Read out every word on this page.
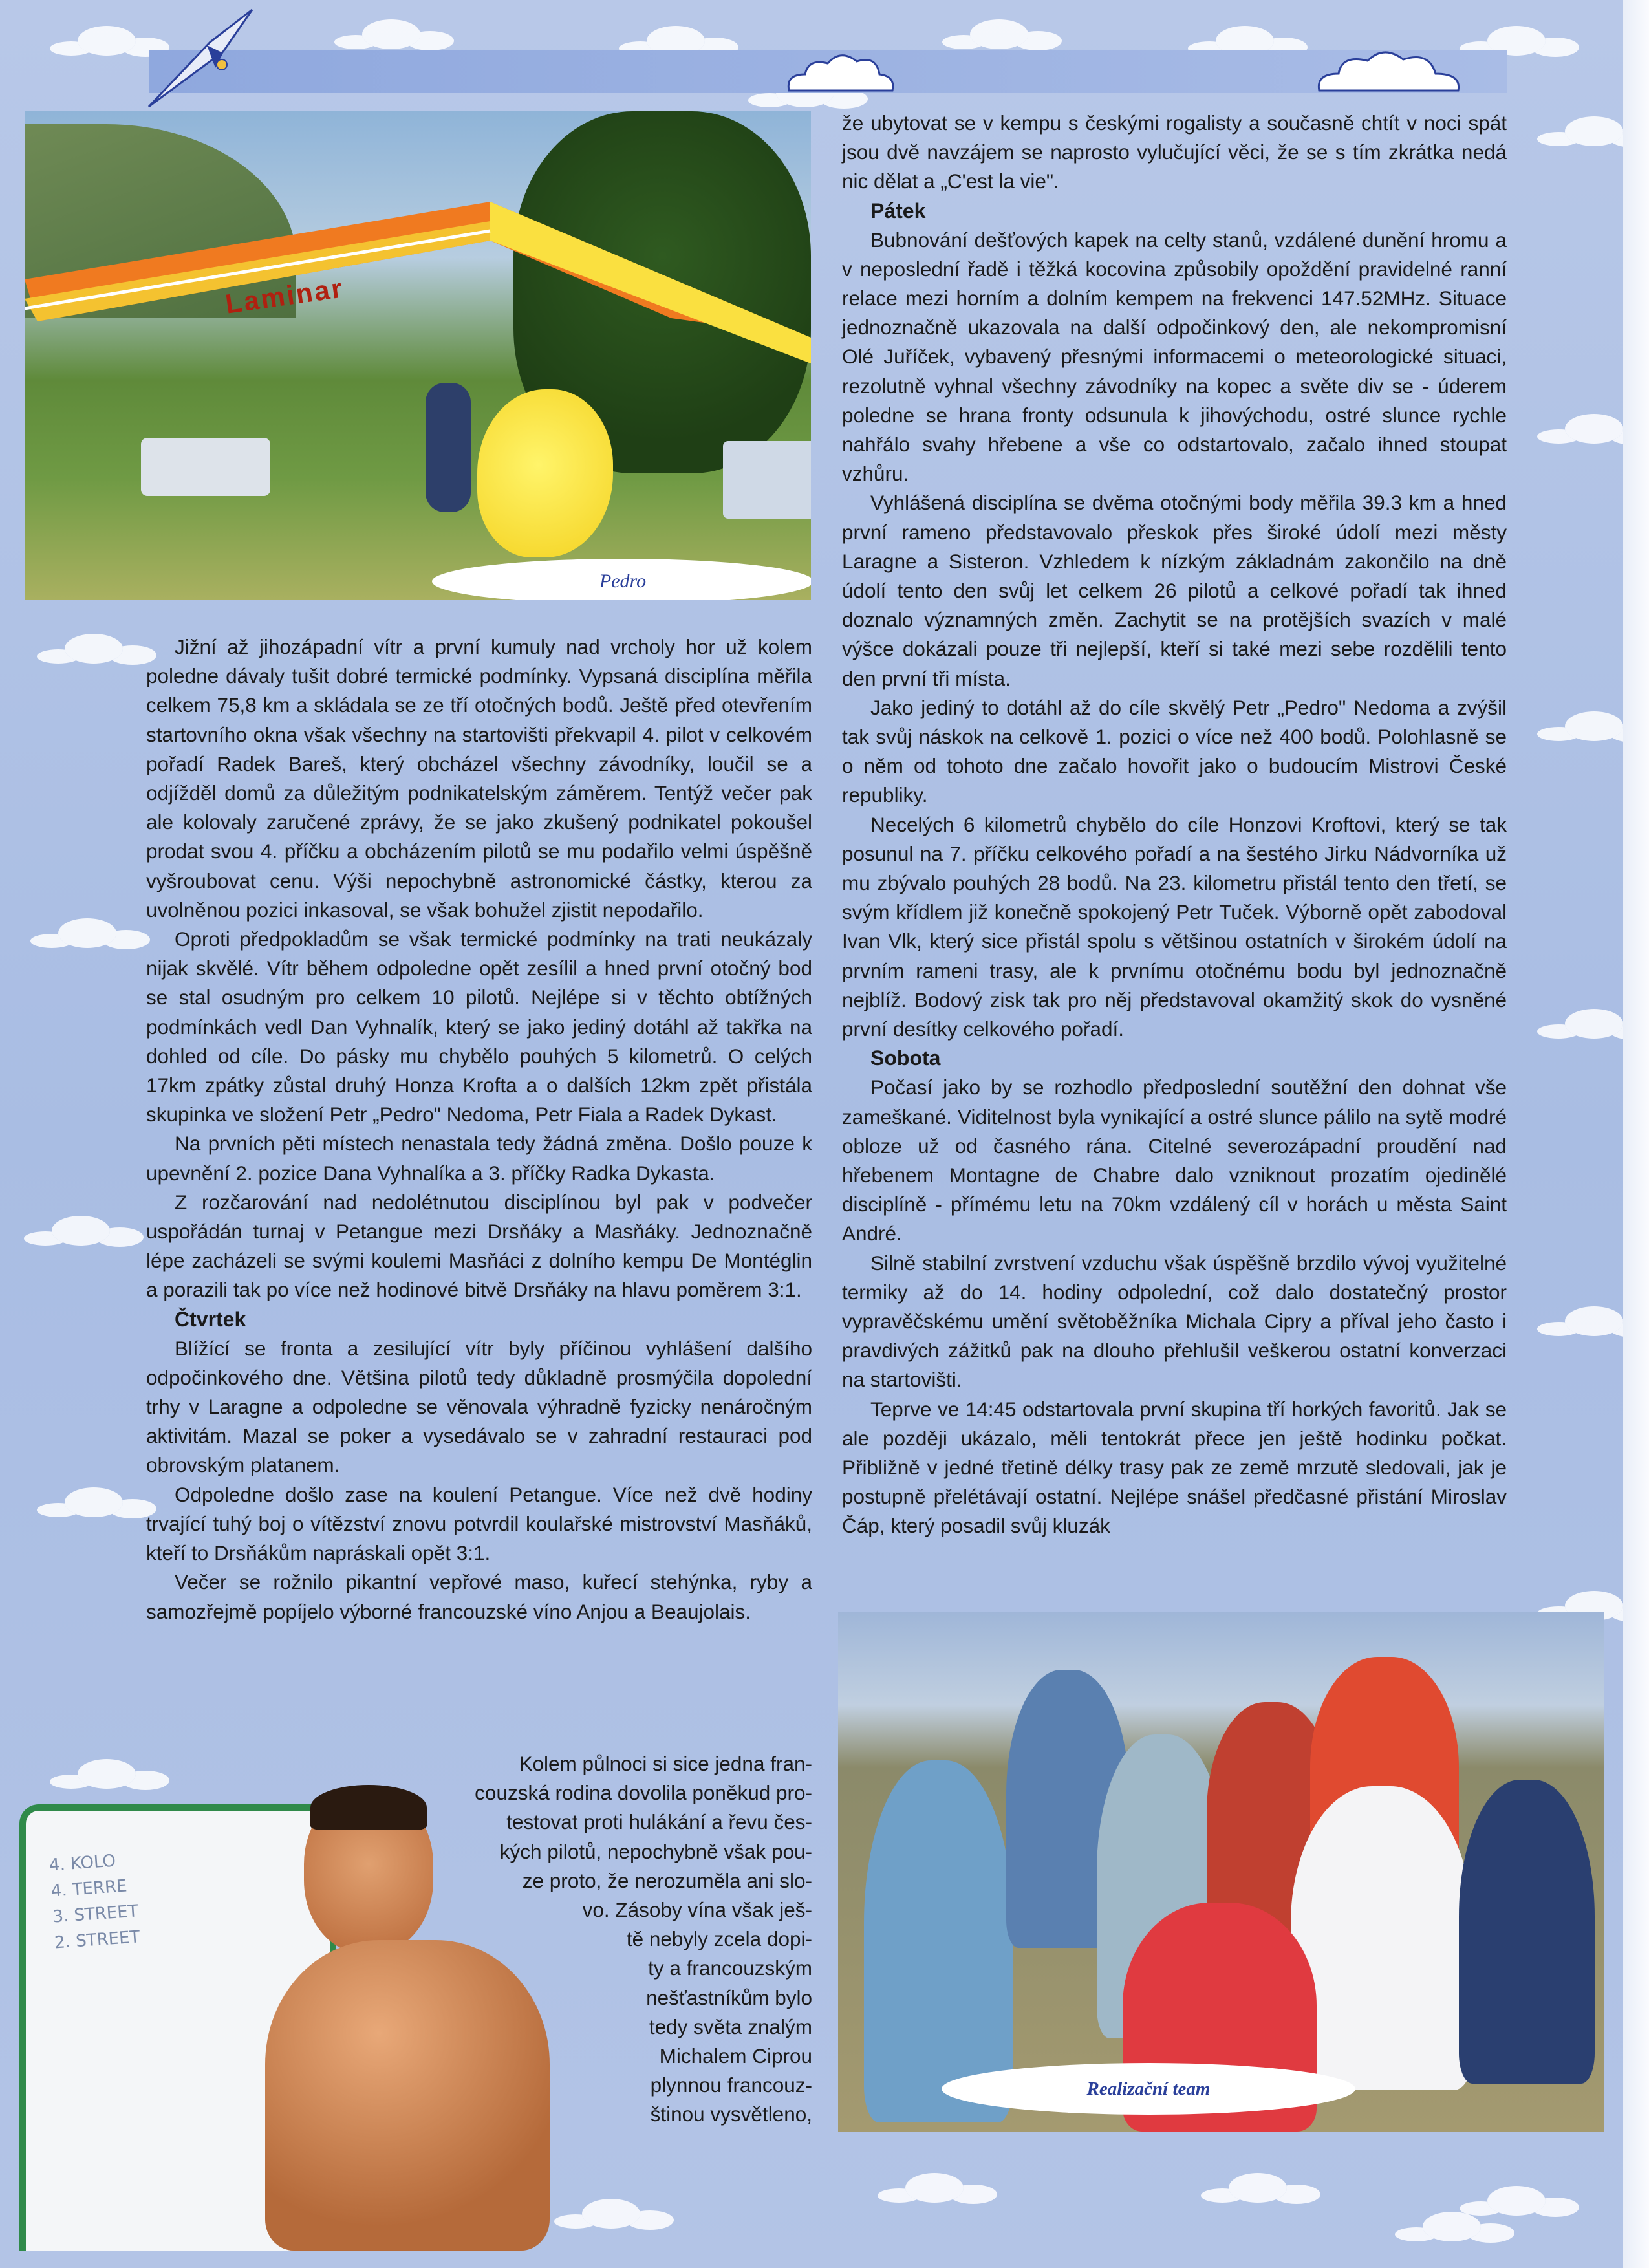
Laminar
Pedro

Jižní až jihozápadní vítr a první kumuly nad vrcholy hor už kolem poledne dávaly tušit dobré termické podmínky. Vypsaná disciplína měřila celkem 75,8 km a skládala se ze tří otočných bodů. Ještě před otevřením startovního okna však všechny na startovišti překvapil 4. pilot v celkovém pořadí Radek Bareš, který obcházel všechny závodníky, loučil se a odjížděl domů za důležitým podnikatelským záměrem. Tentýž večer pak ale kolovaly zaručené zprávy, že se jako zkušený podnikatel pokoušel prodat svou 4. příčku a obcházením pilotů se mu podařilo velmi úspěšně vyšroubovat cenu. Výši nepochybně astronomické částky, kterou za uvolněnou pozici inkasoval, se však bohužel zjistit nepodařilo.

Oproti předpokladům se však termické podmínky na trati neukázaly nijak skvělé. Vítr během odpoledne opět zesílil a hned první otočný bod se stal osudným pro celkem 10 pilotů. Nejlépe si v těchto obtížných podmínkách vedl Dan Vyhnalík, který se jako jediný dotáhl až takřka na dohled od cíle. Do pásky mu chybělo pouhých 5 kilometrů. O celých 17km zpátky zůstal druhý Honza Krofta a o dalších 12km zpět přistála skupinka ve složení Petr „Pedro" Nedoma, Petr Fiala a Radek Dykast.

Na prvních pěti místech nenastala tedy žádná změna. Došlo pouze k upevnění 2. pozice Dana Vyhnalíka a 3. příčky Radka Dykasta.

Z rozčarování nad nedolétnutou disciplínou byl pak v podvečer uspořádán turnaj v Petangue mezi Drsňáky a Masňáky. Jednoznačně lépe zacházeli se svými koulemi Masňáci z dolního kempu De Montéglin a porazili tak po více než hodinové bitvě Drsňáky na hlavu poměrem 3:1.

Čtvrtek

Blížící se fronta a zesilující vítr byly příčinou vyhlášení dalšího odpočinkového dne. Většina pilotů tedy důkladně prosmýčila dopolední trhy v Laragne a odpoledne se věnovala výhradně fyzicky nenáročným aktivitám. Mazal se poker a vysedávalo se v zahradní restauraci pod obrovským platanem.

Odpoledne došlo zase na koulení Petangue. Více než dvě hodiny trvající tuhý boj o vítězství znovu potvrdil koulařské mistrovství Masňáků, kteří to Drsňákům napráskali opět 3:1.

Večer se rožnilo pikantní vepřové maso, kuřecí stehýnka, ryby a samozřejmě popíjelo výborné francouzské víno Anjou a Beaujolais.

Kolem půlnoci si sice jedna fran-
couzská rodina dovolila poněkud pro-
testovat proti hulákání a řevu čes-
kých pilotů, nepochybně však pou-
ze proto, že nerozuměla ani slo-
vo. Zásoby vína však ješ-
tě nebyly zcela dopi-
ty a francouzským
nešťastníkům bylo
tedy světa znalým
Michalem Ciprou
plynnou francouz-
štinou vysvětleno,
4. KOLO
4. TERRE
3. STREET
2. STREET

že ubytovat se v kempu s českými rogalisty a současně chtít v noci spát jsou dvě navzájem se naprosto vylučující věci, že se s tím zkrátka nedá nic dělat a „C'est la vie".

Pátek

Bubnování dešťových kapek na celty stanů, vzdálené dunění hromu a v neposlední řadě i těžká kocovina způsobily opoždění pravidelné ranní relace mezi horním a dolním kempem na frekvenci 147.52MHz. Situace jednoznačně ukazovala na další odpočinkový den, ale nekompromisní Olé Juříček, vybavený přesnými informacemi o meteorologické situaci, rezolutně vyhnal všechny závodníky na kopec a světe div se - úderem poledne se hrana fronty odsunula k jihovýchodu, ostré slunce rychle nahřálo svahy hřebene a vše co odstartovalo, začalo ihned stoupat vzhůru.

Vyhlášená disciplína se dvěma otočnými body měřila 39.3 km a hned první rameno představovalo přeskok přes široké údolí mezi městy Laragne a Sisteron. Vzhledem k nízkým základnám zakončilo na dně údolí tento den svůj let celkem 26 pilotů a celkové pořadí tak ihned doznalo významných změn. Zachytit se na protějších svazích v malé výšce dokázali pouze tři nejlepší, kteří si také mezi sebe rozdělili tento den první tři místa.

Jako jediný to dotáhl až do cíle skvělý Petr „Pedro" Nedoma a zvýšil tak svůj náskok na celkově 1. pozici o více než 400 bodů. Polohlasně se o něm od tohoto dne začalo hovořit jako o budoucím Mistrovi České republiky.

Necelých 6 kilometrů chybělo do cíle Honzovi Kroftovi, který se tak posunul na 7. příčku celkového pořadí a na šestého Jirku Nádvorníka už mu zbývalo pouhých 28 bodů. Na 23. kilometru přistál tento den třetí, se svým křídlem již konečně spokojený Petr Tuček. Výborně opět zabodoval Ivan Vlk, který sice přistál spolu s většinou ostatních v širokém údolí na prvním rameni trasy, ale k prvnímu otočnému bodu byl jednoznačně nejblíž. Bodový zisk tak pro něj představoval okamžitý skok do vysněné první desítky celkového pořadí.

Sobota

Počasí jako by se rozhodlo předposlední soutěžní den dohnat vše zameškané. Viditelnost byla vynikající a ostré slunce pálilo na sytě modré obloze už od časného rána. Citelné severozápadní proudění nad hřebenem Montagne de Chabre dalo vzniknout prozatím ojedinělé disciplíně - přímému letu na 70km vzdálený cíl v horách u města Saint André.

Silně stabilní zvrstvení vzduchu však úspěšně brzdilo vývoj využitelné termiky až do 14. hodiny odpolední, což dalo dostatečný prostor vypravěčskému umění světoběžníka Michala Cipry a příval jeho často i pravdivých zážitků pak na dlouho přehlušil veškerou ostatní konverzaci na startovišti.

Teprve ve 14:45 odstartovala první skupina tří horkých favoritů. Jak se ale později ukázalo, měli tentokrát přece jen ještě hodinku počkat. Přibližně v jedné třetině délky trasy pak ze země mrzutě sledovali, jak je postupně přelétávají ostatní. Nejlépe snášel předčasné přistání Miroslav Čáp, který posadil svůj kluzák

Realizační team
